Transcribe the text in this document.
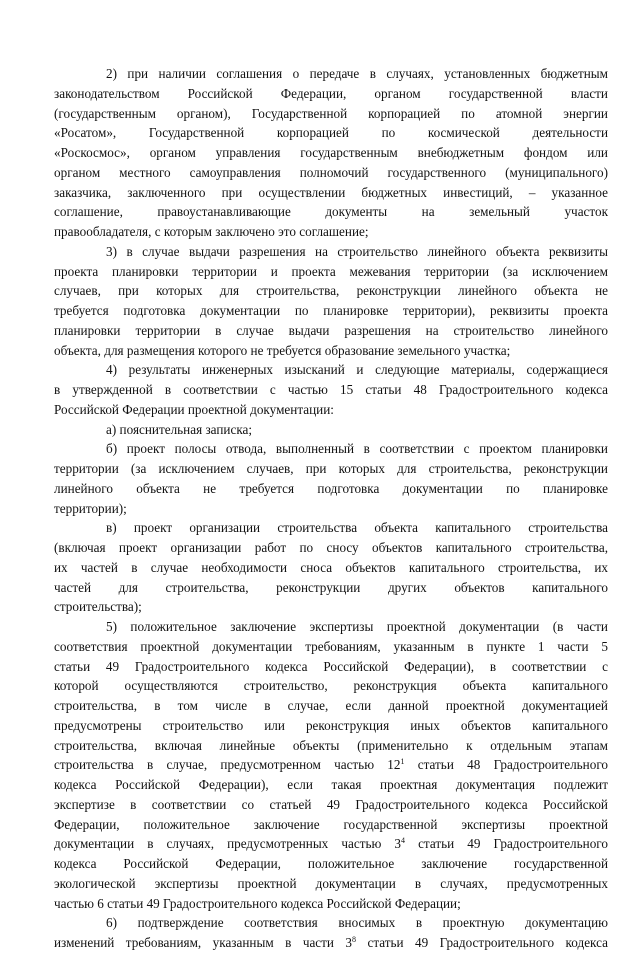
2) при наличии соглашения о передаче в случаях, установленных бюджетным
законодательством Российской Федерации, органом государственной власти
(государственным органом), Государственной корпорацией по атомной энергии
«Росатом», Государственной корпорацией по космической деятельности
«Роскосмос», органом управления государственным внебюджетным фондом или
органом местного самоуправления полномочий государственного (муниципального)
заказчика, заключенного при осуществлении бюджетных инвестиций, – указанное
соглашение, правоустанавливающие документы на земельный участок
правообладателя, с которым заключено это соглашение;
3) в случае выдачи разрешения на строительство линейного объекта реквизиты
проекта планировки территории и проекта межевания территории (за исключением
случаев, при которых для строительства, реконструкции линейного объекта не
требуется подготовка документации по планировке территории), реквизиты проекта
планировки территории в случае выдачи разрешения на строительство линейного
объекта, для размещения которого не требуется образование земельного участка;
4) результаты инженерных изысканий и следующие материалы, содержащиеся
в утвержденной в соответствии с частью 15 статьи 48 Градостроительного кодекса
Российской Федерации проектной документации:
а) пояснительная записка;
б) проект полосы отвода, выполненный в соответствии с проектом планировки
территории (за исключением случаев, при которых для строительства, реконструкции
линейного объекта не требуется подготовка документации по планировке
территории);
в) проект организации строительства объекта капитального строительства
(включая проект организации работ по сносу объектов капитального строительства,
их частей в случае необходимости сноса объектов капитального строительства, их
частей для строительства, реконструкции других объектов капитального
строительства);
5) положительное заключение экспертизы проектной документации (в части
соответствия проектной документации требованиям, указанным в пункте 1 части 5
статьи 49 Градостроительного кодекса Российской Федерации), в соответствии с
которой осуществляются строительство, реконструкция объекта капитального
строительства, в том числе в случае, если данной проектной документацией
предусмотрены строительство или реконструкция иных объектов капитального
строительства, включая линейные объекты (применительно к отдельным этапам
строительства в случае, предусмотренном частью $12^1$ статьи 48 Градостроительного
кодекса Российской Федерации), если такая проектная документация подлежит
экспертизе в соответствии со статьей 49 Градостроительного кодекса Российской
Федерации, положительное заключение государственной экспертизы проектной
документации в случаях, предусмотренных частью $3^4$ статьи 49 Градостроительного
кодекса Российской Федерации, положительное заключение государственной
экологической экспертизы проектной документации в случаях, предусмотренных
частью 6 статьи 49 Градостроительного кодекса Российской Федерации;
6) подтверждение соответствия вносимых в проектную документацию
изменений требованиям, указанным в части $3^8$ статьи 49 Градостроительного кодекса
